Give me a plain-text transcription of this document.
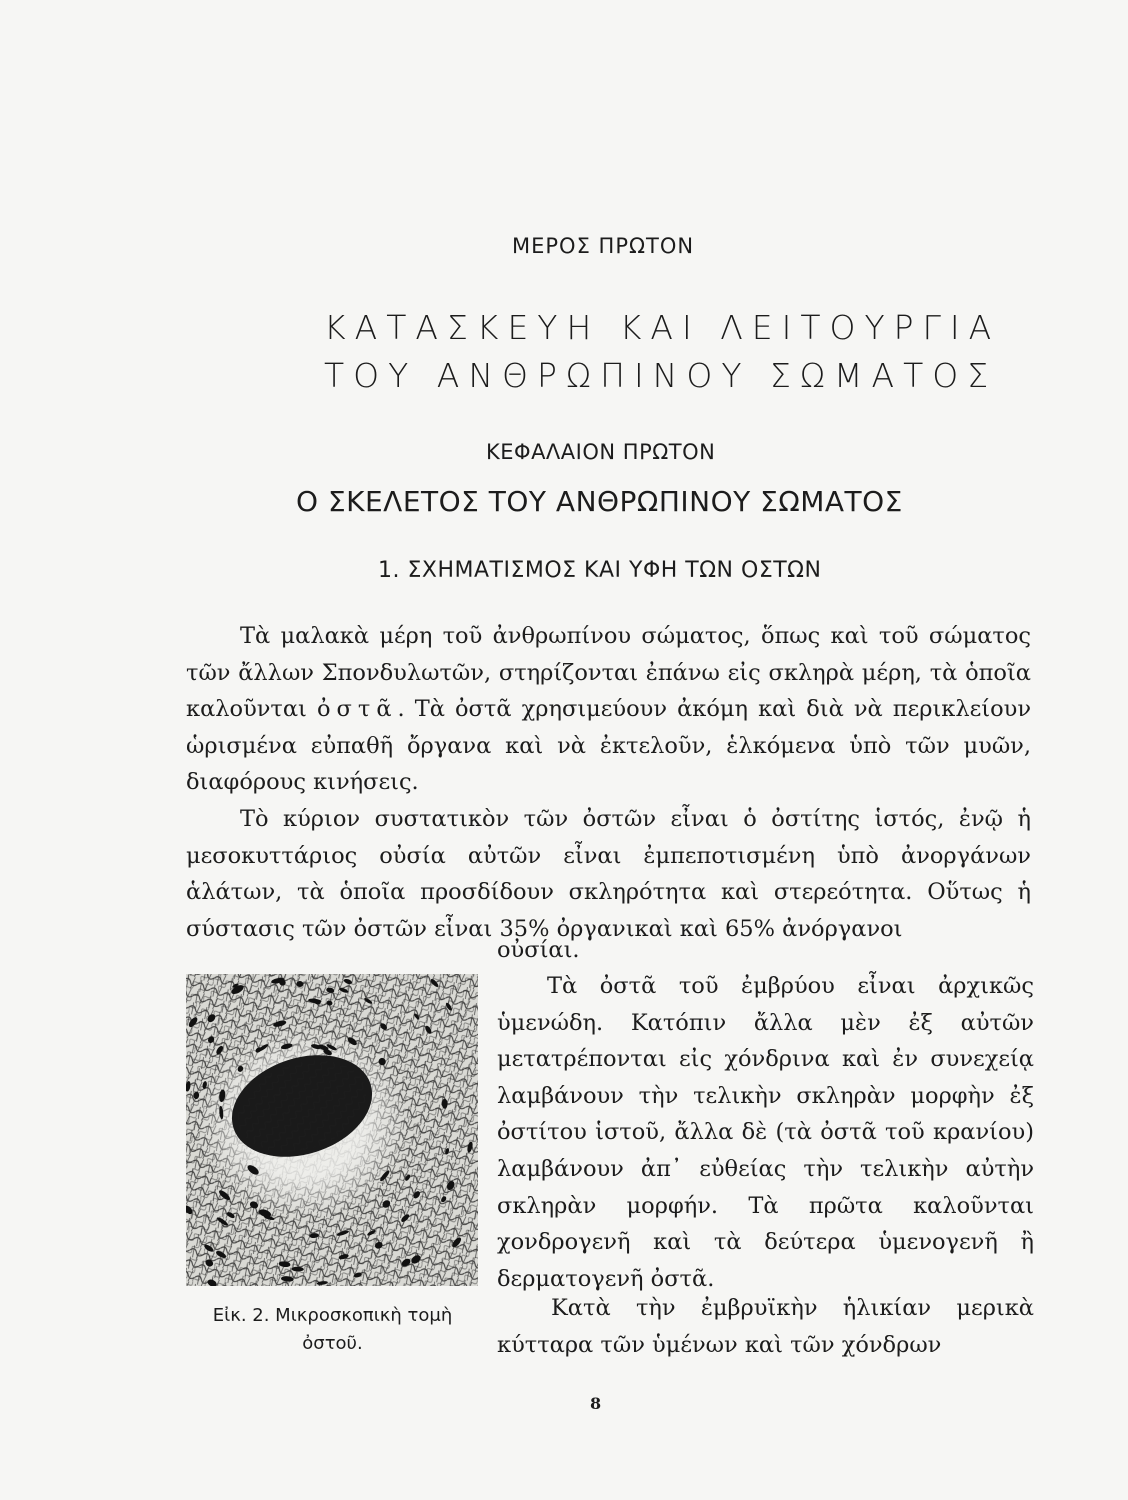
ΜΕΡΟΣ ΠΡΩΤΟΝ
ΚΑΤΑΣΚΕΥΗ ΚΑΙ ΛΕΙΤΟΥΡΓΙΑ
ΤΟΥ ΑΝΘΡΩΠΙΝΟΥ ΣΩΜΑΤΟΣ
ΚΕΦΑΛΑΙΟΝ ΠΡΩΤΟΝ
Ο ΣΚΕΛΕΤΟΣ ΤΟΥ ΑΝΘΡΩΠΙΝΟΥ ΣΩΜΑΤΟΣ
1. ΣΧΗΜΑΤΙΣΜΟΣ ΚΑΙ ΥΦΗ ΤΩΝ ΟΣΤΩΝ

Τὰ μαλακὰ μέρη τοῦ ἀνθρωπίνου σώματος, ὅπως καὶ τοῦ σώματος τῶν ἄλλων Σπονδυλωτῶν, στηρίζονται ἐπάνω εἰς σκληρὰ μέρη, τὰ ὁποῖα καλοῦνται ὀστᾶ. Τὰ ὀστᾶ χρησιμεύουν ἀκόμη καὶ διὰ νὰ περικλείουν ὡρισμένα εὐπαθῆ ὄργανα καὶ νὰ ἐκτελοῦν, ἑλκόμενα ὑπὸ τῶν μυῶν, διαφόρους κινήσεις.

Τὸ κύριον συστατικὸν τῶν ὀστῶν εἶναι ὁ ὀστίτης ἱστός, ἐνῷ ἡ μεσοκυττάριος οὐσία αὐτῶν εἶναι ἐμπεποτισμένη ὑπὸ ἀνοργάνων ἁλάτων, τὰ ὁποῖα προσδίδουν σκληρότητα καὶ στερεότητα. Οὕτως ἡ σύστασις τῶν ὀστῶν εἶναι 35% ὀργανικαὶ καὶ 65% ἀνόργανοι

οὐσίαι.

Τὰ ὀστᾶ τοῦ ἐμβρύου εἶναι ἀρχικῶς ὑμενώδη. Κατόπιν ἄλλα μὲν ἐξ αὐτῶν μετατρέπονται εἰς χόνδρινα καὶ ἐν συνεχείᾳ λαμβάνουν τὴν τελικὴν σκληρὰν μορφὴν ἐξ ὀστίτου ἱστοῦ, ἄλλα δὲ (τὰ ὀστᾶ τοῦ κρανίου) λαμβάνουν ἀπ᾽ εὐθείας τὴν τελικὴν αὐτὴν σκληρὰν μορφήν. Τὰ πρῶτα καλοῦνται χονδρογενῆ καὶ τὰ δεύτερα ὑμενογενῆ ἢ δερματογενῆ ὀστᾶ.

Κατὰ τὴν ἐμβρυϊκὴν ἡλικίαν μερικὰ κύτταρα τῶν ὑμένων καὶ τῶν χόνδρων

Εἰκ. 2. Μικροσκοπικὴ τομὴ ὀστοῦ.
8
